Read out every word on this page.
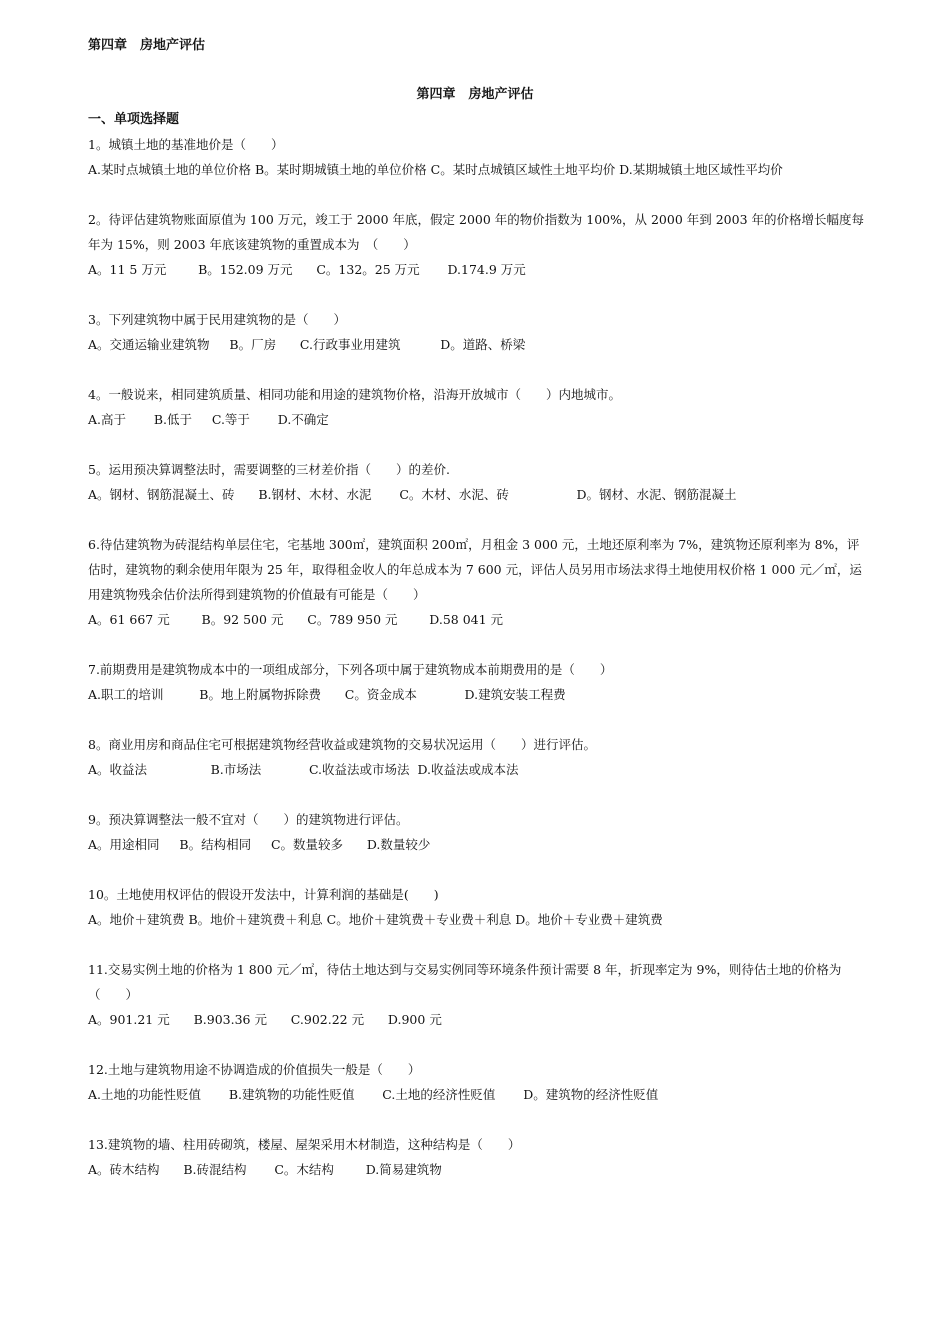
第四章　房地产评估
第四章　房地产评估
一、单项选择题
1。城镇土地的基准地价是（　　）
A.某时点城镇土地的单位价格 B。某时期城镇土地的单位价格 C。某时点城镇区域性土地平均价 D.某期城镇土地区域性平均价
2。待评估建筑物账面原值为 100 万元，竣工于 2000 年底，假定 2000 年的物价指数为 100%，从 2000 年到 2003 年的价格增长幅度每年为 15%，则 2003 年底该建筑物的重置成本为　（　　）
A。11 5 万元        B。152.09 万元      C。132。25 万元       D.174.9 万元
3。下列建筑物中属于民用建筑物的是（　　）
A。交通运输业建筑物     B。厂房      C.行政事业用建筑          D。道路、桥梁
4。一般说来，相同建筑质量、相同功能和用途的建筑物价格，沿海开放城市（　　）内地城市。
A.高于       B.低于     C.等于       D.不确定
5。运用预决算调整法时，需要调整的三材差价指（　　）的差价.
A。钢材、钢筋混凝土、砖      B.钢材、木材、水泥       C。木材、水泥、砖                 D。钢材、水泥、钢筋混凝土
6.待估建筑物为砖混结构单层住宅，宅基地 300㎡，建筑面积 200㎡，月租金 3 000 元，土地还原利率为 7%，建筑物还原利率为 8%，评估时，建筑物的剩余使用年限为 25 年，取得租金收人的年总成本为 7 600 元，评估人员另用市场法求得土地使用权价格 1 000 元／㎡，运用建筑物残余估价法所得到建筑物的价值最有可能是（　　）
A。61 667 元        B。92 500 元      C。789 950 元        D.58 041 元
7.前期费用是建筑物成本中的一项组成部分，下列各项中属于建筑物成本前期费用的是（　　）
A.职工的培训         B。地上附属物拆除费      C。资金成本            D.建筑安装工程费
8。商业用房和商品住宅可根据建筑物经营收益或建筑物的交易状况运用（　　）进行评估。
A。收益法                B.市场法            C.收益法或市场法  D.收益法或成本法
9。预决算调整法一般不宜对（　　）的建筑物进行评估。
A。用途相同     B。结构相同     C。数量较多      D.数量较少
10。土地使用权评估的假设开发法中，计算利润的基础是(　　)
A。地价＋建筑费 B。地价＋建筑费＋利息 C。地价＋建筑费＋专业费＋利息 D。地价＋专业费＋建筑费
11.交易实例土地的价格为 1 800 元／㎡，待估土地达到与交易实例同等环境条件预计需要 8 年，折现率定为 9%，则待估土地的价格为（　　）
A。901.21 元      B.903.36 元      C.902.22 元      D.900 元
12.土地与建筑物用途不协调造成的价值损失一般是（　　）
A.土地的功能性贬值       B.建筑物的功能性贬值       C.土地的经济性贬值       D。建筑物的经济性贬值
13.建筑物的墙、柱用砖砌筑，楼屋、屋架采用木材制造，这种结构是（　　）
A。砖木结构      B.砖混结构       C。木结构        D.简易建筑物
